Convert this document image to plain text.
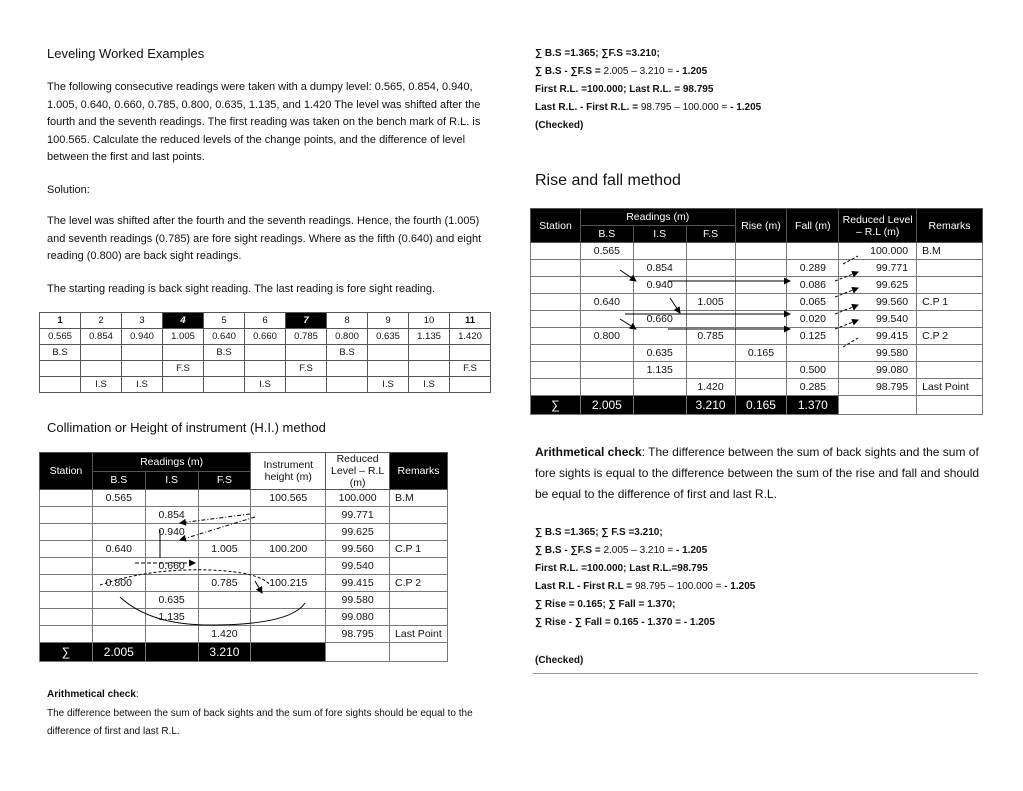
Leveling Worked Examples
The following consecutive readings were taken with a dumpy level: 0.565, 0.854, 0.940, 1.005, 0.640, 0.660, 0.785, 0.800, 0.635, 1.135, and 1.420 The level was shifted after the fourth and the seventh readings. The first reading was taken on the bench mark of R.L. is 100.565. Calculate the reduced levels of the change points, and the difference of level between the first and last points.
Solution:
The level was shifted after the fourth and the seventh readings. Hence, the fourth (1.005) and seventh readings (0.785) are fore sight readings. Where as the fifth (0.640) and eight reading (0.800) are back sight readings.
The starting reading is back sight reading. The last reading is fore sight reading.
1	2	3	4	5	6	7	8	9	10	11
0.565	0.854	0.940	1.005	0.640	0.660	0.785	0.800	0.635	1.135	1.420
B.S				B.S			B.S			
			F.S			F.S				F.S
	I.S	I.S			I.S			I.S	I.S	
Collimation or Height of instrument (H.I.) method
Station	Readings (m)			Instrument height (m)	Reduced Level – R.L (m)	Remarks
	B.S	I.S	F.S			
	0.565			100.565	100.000	B.M
		0.854			99.771	
		0.940			99.625	
	0.640		1.005	100.200	99.560	C.P 1
		0.660			99.540	
	0.800		0.785	100.215	99.415	C.P 2
		0.635			99.580	
		1.135			99.080	
			1.420		98.795	Last Point
∑	2.005		3.210			
Arithmetical check:
The difference between the sum of back sights and the sum of fore sights should be equal to the difference of first and last R.L.
∑ B.S =1.365; ∑F.S =3.210;
∑ B.S - ∑F.S = 2.005 – 3.210 = - 1.205
First R.L. =100.000; Last R.L. = 98.795
Last R.L. - First R.L. = 98.795 – 100.000 = - 1.205
(Checked)
Rise and fall method
Station	Readings (m)			Rise (m)	Fall (m)	Reduced Level – R.L (m)	Remarks
	B.S	I.S	F.S				
	0.565					100.000	B.M
		0.854			0.289	99.771	
		0.940			0.086	99.625	
	0.640		1.005		0.065	99.560	C.P 1
		0.660			0.020	99.540	
	0.800		0.785		0.125	99.415	C.P 2
		0.635		0.165		99.580	
		1.135			0.500	99.080	
			1.420		0.285	98.795	Last Point
∑	2.005		3.210	0.165	1.370		
Arithmetical check: The difference between the sum of back sights and the sum of fore sights is equal to the difference between the sum of the rise and fall and should be equal to the difference of first and last R.L.
∑ B.S =1.365; ∑ F.S =3.210;
∑ B.S - ∑F.S = 2.005 – 3.210 = - 1.205
First R.L. =100.000; Last R.L.=98.795
Last R.L - First R.L = 98.795 – 100.000 = - 1.205
∑ Rise = 0.165; ∑ Fall = 1.370;
∑ Rise - ∑ Fall = 0.165 - 1.370 = - 1.205
(Checked)
